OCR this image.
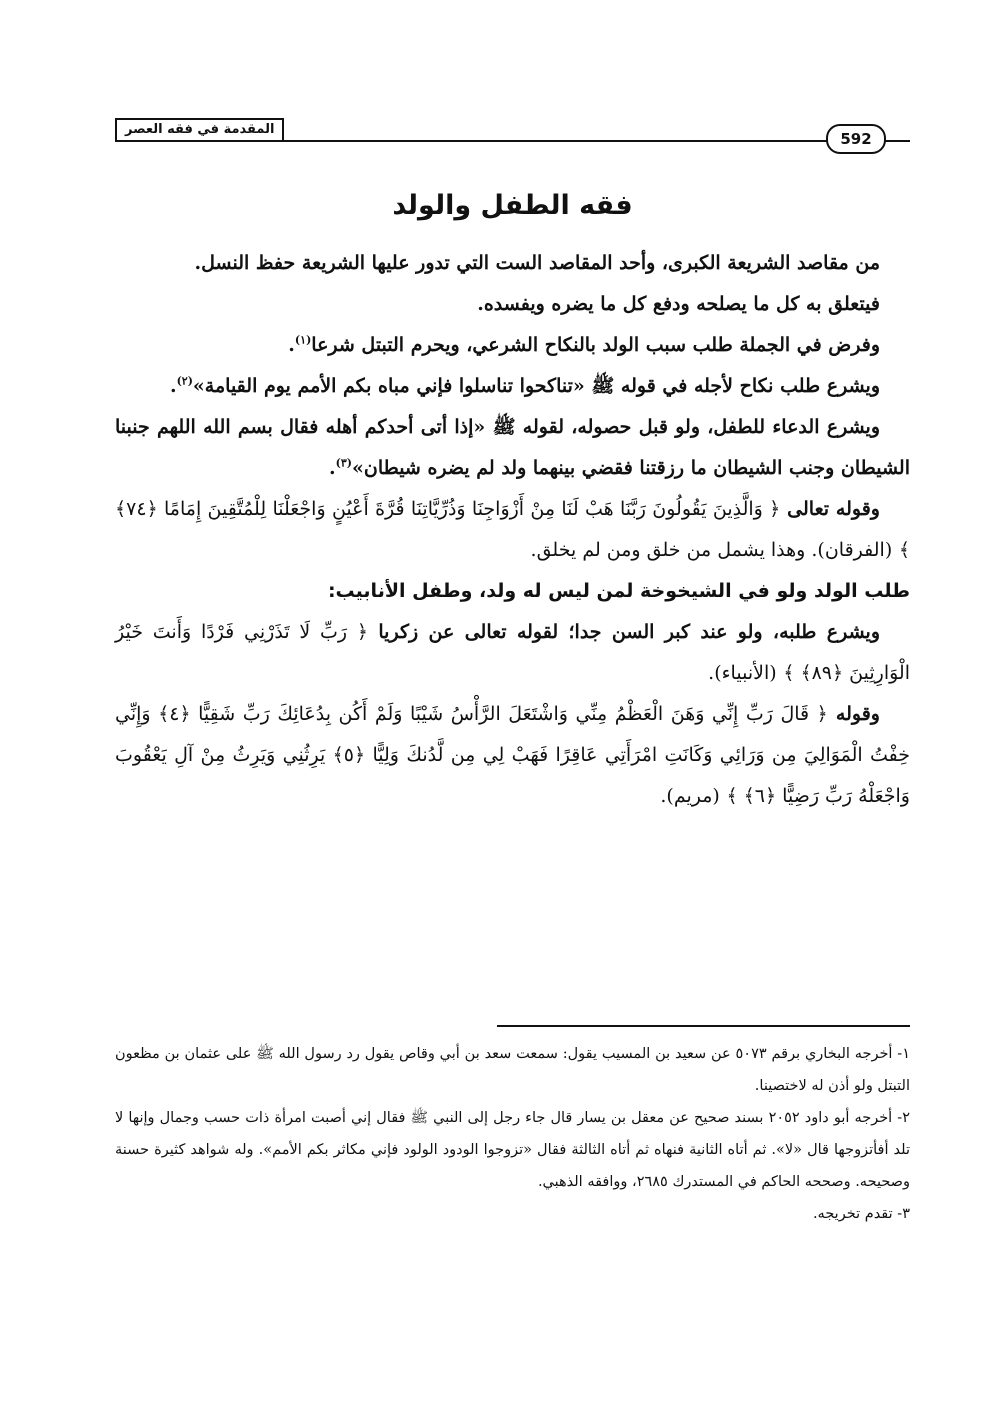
المقدمة في فقه العصر
592
فقه الطفل والولد

من مقاصد الشريعة الكبرى، وأحد المقاصد الست التي تدور عليها الشريعة حفظ النسل.

فيتعلق به كل ما يصلحه ودفع كل ما يضره ويفسده.

وفرض في الجملة طلب سبب الولد بالنكاح الشرعي، ويحرم التبتل شرعا$^{(١)}$.

ويشرع طلب نكاح لأجله في قوله ﷺ «تناكحوا تناسلوا فإني مباه بكم الأمم يوم القيامة»$^{(٢)}$.

ويشرع الدعاء للطفل، ولو قبل حصوله، لقوله ﷺ «إذا أتى أحدكم أهله فقال بسم الله اللهم جنبنا الشيطان وجنب الشيطان ما رزقتنا فقضي بينهما ولد لم يضره شيطان»$^{(٣)}$.

وقوله تعالى ﴿ وَالَّذِينَ يَقُولُونَ رَبَّنَا هَبْ لَنَا مِنْ أَزْوَاجِنَا وَذُرِّيَّاتِنَا قُرَّةَ أَعْيُنٍ وَاجْعَلْنَا لِلْمُتَّقِينَ إِمَامًا ﴿٧٤﴾ ﴾ (الفرقان). وهذا يشمل من خلق ومن لم يخلق.

طلب الولد ولو في الشيخوخة لمن ليس له ولد، وطفل الأنابيب:

ويشرع طلبه، ولو عند كبر السن جدا؛ لقوله تعالى عن زكريا ﴿ رَبِّ لَا تَذَرْنِي فَرْدًا وَأَنتَ خَيْرُ الْوَارِثِينَ ﴿٨٩﴾ ﴾ (الأنبياء).

وقوله ﴿ قَالَ رَبِّ إِنِّي وَهَنَ الْعَظْمُ مِنِّي وَاشْتَعَلَ الرَّأْسُ شَيْبًا وَلَمْ أَكُن بِدُعَائِكَ رَبِّ شَقِيًّا ﴿٤﴾ وَإِنِّي خِفْتُ الْمَوَالِيَ مِن وَرَائِي وَكَانَتِ امْرَأَتِي عَاقِرًا فَهَبْ لِي مِن لَّدُنكَ وَلِيًّا ﴿٥﴾ يَرِثُنِي وَيَرِثُ مِنْ آلِ يَعْقُوبَ وَاجْعَلْهُ رَبِّ رَضِيًّا ﴿٦﴾ ﴾ (مريم).

١- أخرجه البخاري برقم ٥٠٧٣ عن سعيد بن المسيب يقول: سمعت سعد بن أبي وقاص يقول رد رسول الله ﷺ على عثمان بن مظعون التبتل ولو أذن له لاختصينا.

٢- أخرجه أبو داود ٢٠٥٢ بسند صحيح عن معقل بن يسار قال جاء رجل إلى النبي ﷺ فقال إني أصبت امرأة ذات حسب وجمال وإنها لا تلد أفأتزوجها قال «لا». ثم أتاه الثانية فنهاه ثم أتاه الثالثة فقال «تزوجوا الودود الولود فإني مكاثر بكم الأمم». وله شواهد كثيرة حسنة وصحيحه. وصححه الحاكم في المستدرك ٢٦٨٥، ووافقه الذهبي.

٣- تقدم تخريجه.
